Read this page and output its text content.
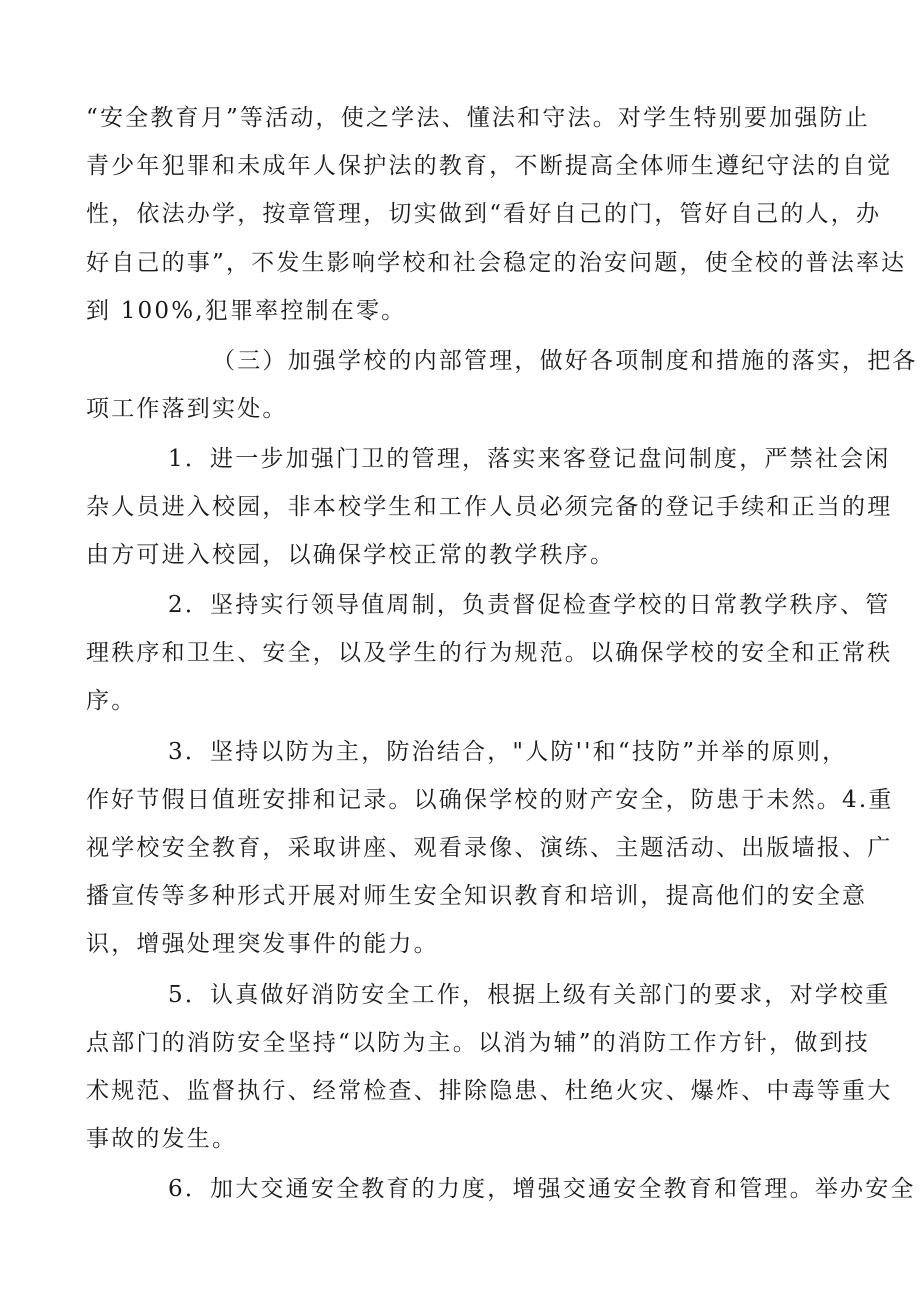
“安全教育月”等活动，使之学法、懂法和守法。对学生特别要加强防止
青少年犯罪和未成年人保护法的教育，不断提高全体师生遵纪守法的自觉
性，依法办学，按章管理，切实做到“看好自己的门，管好自己的人，办
好自己的事”，不发生影响学校和社会稳定的治安问题，使全校的普法率达
到 100%,犯罪率控制在零。
（三）加强学校的内部管理，做好各项制度和措施的落实，把各
项工作落到实处。
1．进一步加强门卫的管理，落实来客登记盘问制度，严禁社会闲
杂人员进入校园，非本校学生和工作人员必须完备的登记手续和正当的理
由方可进入校园，以确保学校正常的教学秩序。
2．坚持实行领导值周制，负责督促检查学校的日常教学秩序、管
理秩序和卫生、安全，以及学生的行为规范。以确保学校的安全和正常秩
序。
3．坚持以防为主，防治结合，"人防''和“技防”并举的原则，
作好节假日值班安排和记录。以确保学校的财产安全，防患于未然。4.重
视学校安全教育，采取讲座、观看录像、演练、主题活动、出版墙报、广
播宣传等多种形式开展对师生安全知识教育和培训，提高他们的安全意
识，增强处理突发事件的能力。
5．认真做好消防安全工作，根据上级有关部门的要求，对学校重
点部门的消防安全坚持“以防为主。以消为辅”的消防工作方针，做到技
术规范、监督执行、经常检查、排除隐患、杜绝火灾、爆炸、中毒等重大
事故的发生。
6．加大交通安全教育的力度，增强交通安全教育和管理。举办安全
